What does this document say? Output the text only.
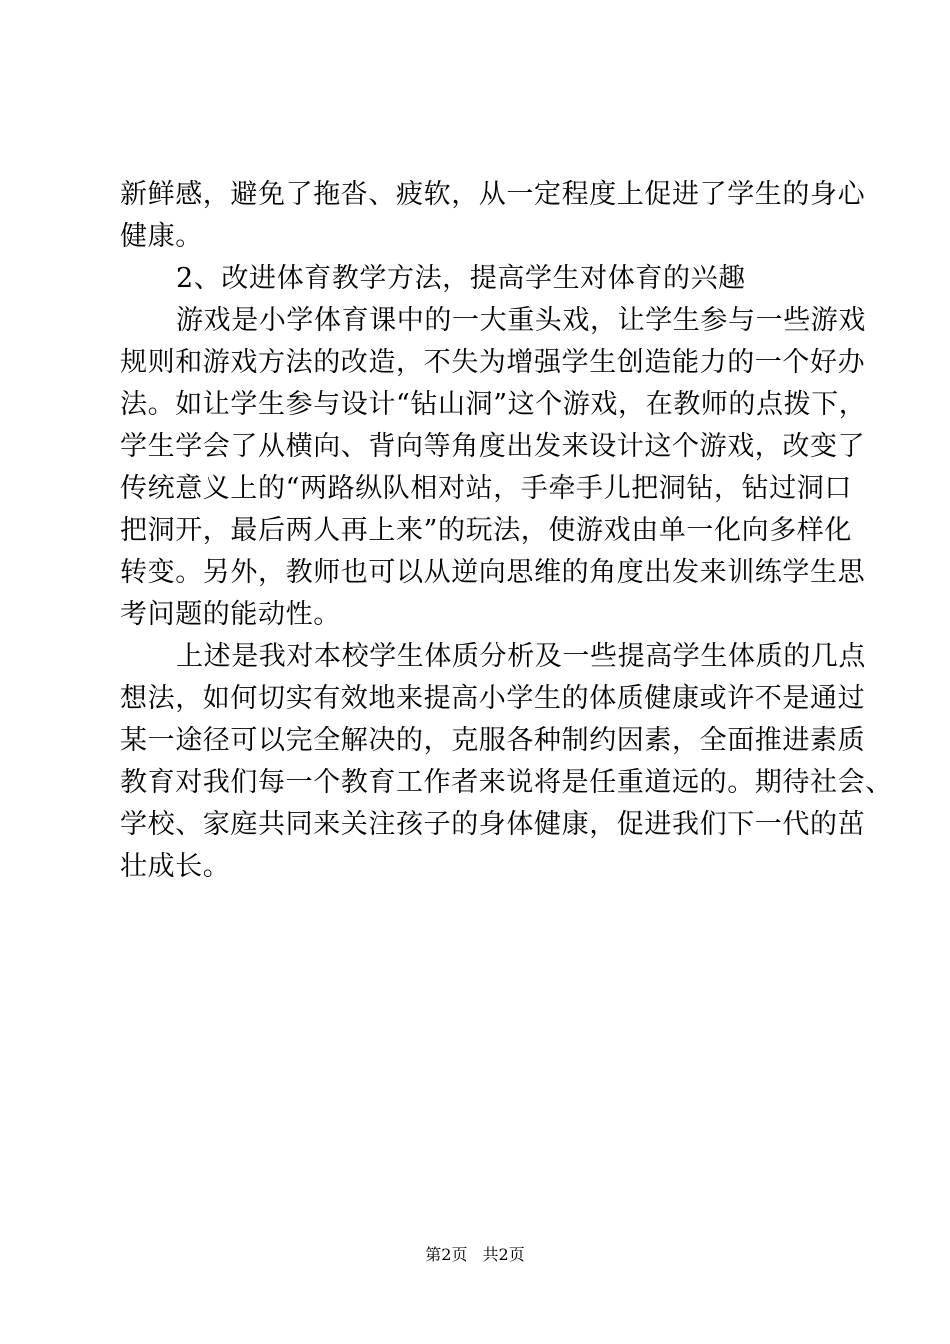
新鲜感，避免了拖沓、疲软，从一定程度上促进了学生的身心
健康。
2、改进体育教学方法，提高学生对体育的兴趣
游戏是小学体育课中的一大重头戏，让学生参与一些游戏
规则和游戏方法的改造，不失为增强学生创造能力的一个好办
法。如让学生参与设计“钻山洞”这个游戏，在教师的点拨下，
学生学会了从横向、背向等角度出发来设计这个游戏，改变了
传统意义上的“两路纵队相对站，手牵手儿把洞钻，钻过洞口
把洞开，最后两人再上来”的玩法，使游戏由单一化向多样化
转变。另外，教师也可以从逆向思维的角度出发来训练学生思
考问题的能动性。
上述是我对本校学生体质分析及一些提高学生体质的几点
想法，如何切实有效地来提高小学生的体质健康或许不是通过
某一途径可以完全解决的，克服各种制约因素，全面推进素质
教育对我们每一个教育工作者来说将是任重道远的。期待社会、
学校、家庭共同来关注孩子的身体健康，促进我们下一代的茁
壮成长。
第2页 共2页
